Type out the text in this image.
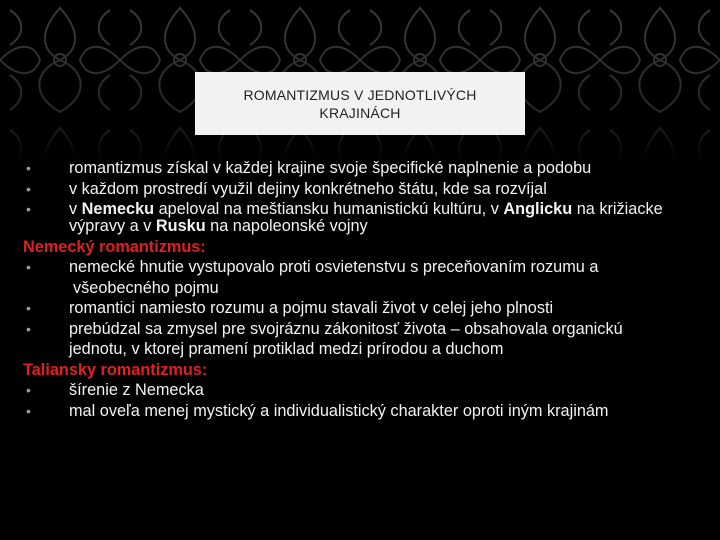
ROMANTIZMUS V JEDNOTLIVÝCH KRAJINÁCH
• romantizmus získal v každej krajine svoje špecifické naplnenie a podobu
• v každom prostredí využil dejiny konkrétneho štátu, kde sa rozvíjal
• v Nemecku apeloval na meštiansku humanistickú kultúru, v Anglicku na križiacke výpravy a v Rusku na napoleonské vojny
Nemecký romantizmus:
• nemecké hnutie vystupovalo proti osvietenstvu s preceňovaním rozumu a
všeobecného pojmu
• romantici namiesto rozumu a pojmu stavali život v celej jeho plnosti
• prebúdzal sa zmysel pre svojráznu zákonitosť života – obsahovala organickú
jednotu, v ktorej pramení protiklad medzi prírodou a duchom
Taliansky romantizmus:
• šírenie z Nemecka
• mal oveľa menej mystický a individualistický charakter oproti iným krajinám
